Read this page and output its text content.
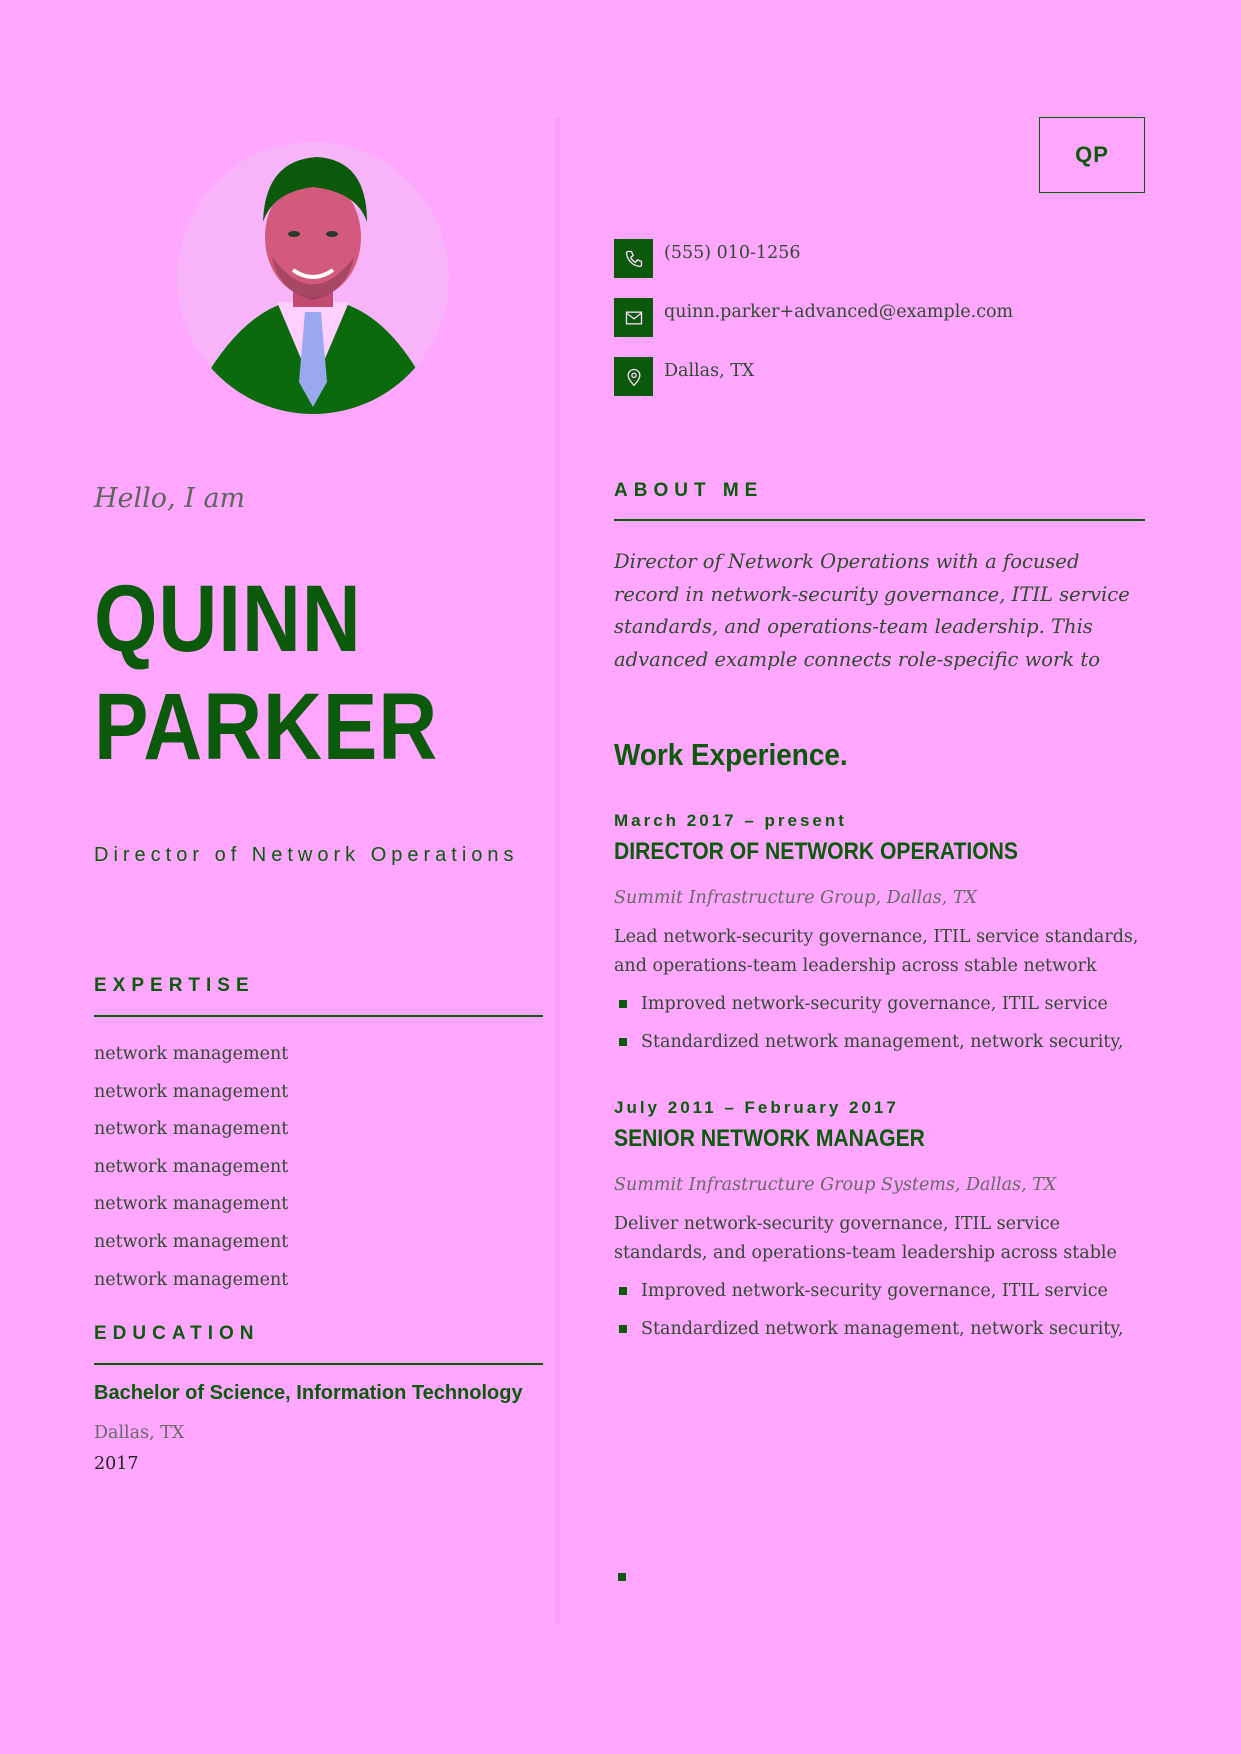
QP
Hello, I am
QUINN
PARKER
Director of Network Operations
EXPERTISE
network management
network management
network management
network management
network management
network management
network management
EDUCATION
Bachelor of Science, Information Technology
Dallas, TX
2017
(555) 010-1256
quinn.parker+advanced@example.com
Dallas, TX
ABOUT ME
Director of Network Operations with a focused record in network-security governance, ITIL service standards, and operations-team leadership. This advanced example connects role-specific work to
Work Experience.
March 2017 – present
DIRECTOR OF NETWORK OPERATIONS
Summit Infrastructure Group, Dallas, TX
Lead network-security governance, ITIL service standards, and operations-team leadership across stable network
Improved network-security governance, ITIL service
Standardized network management, network security,
July 2011 – February 2017
SENIOR NETWORK MANAGER
Summit Infrastructure Group Systems, Dallas, TX
Deliver network-security governance, ITIL service standards, and operations-team leadership across stable
Improved network-security governance, ITIL service
Standardized network management, network security,
